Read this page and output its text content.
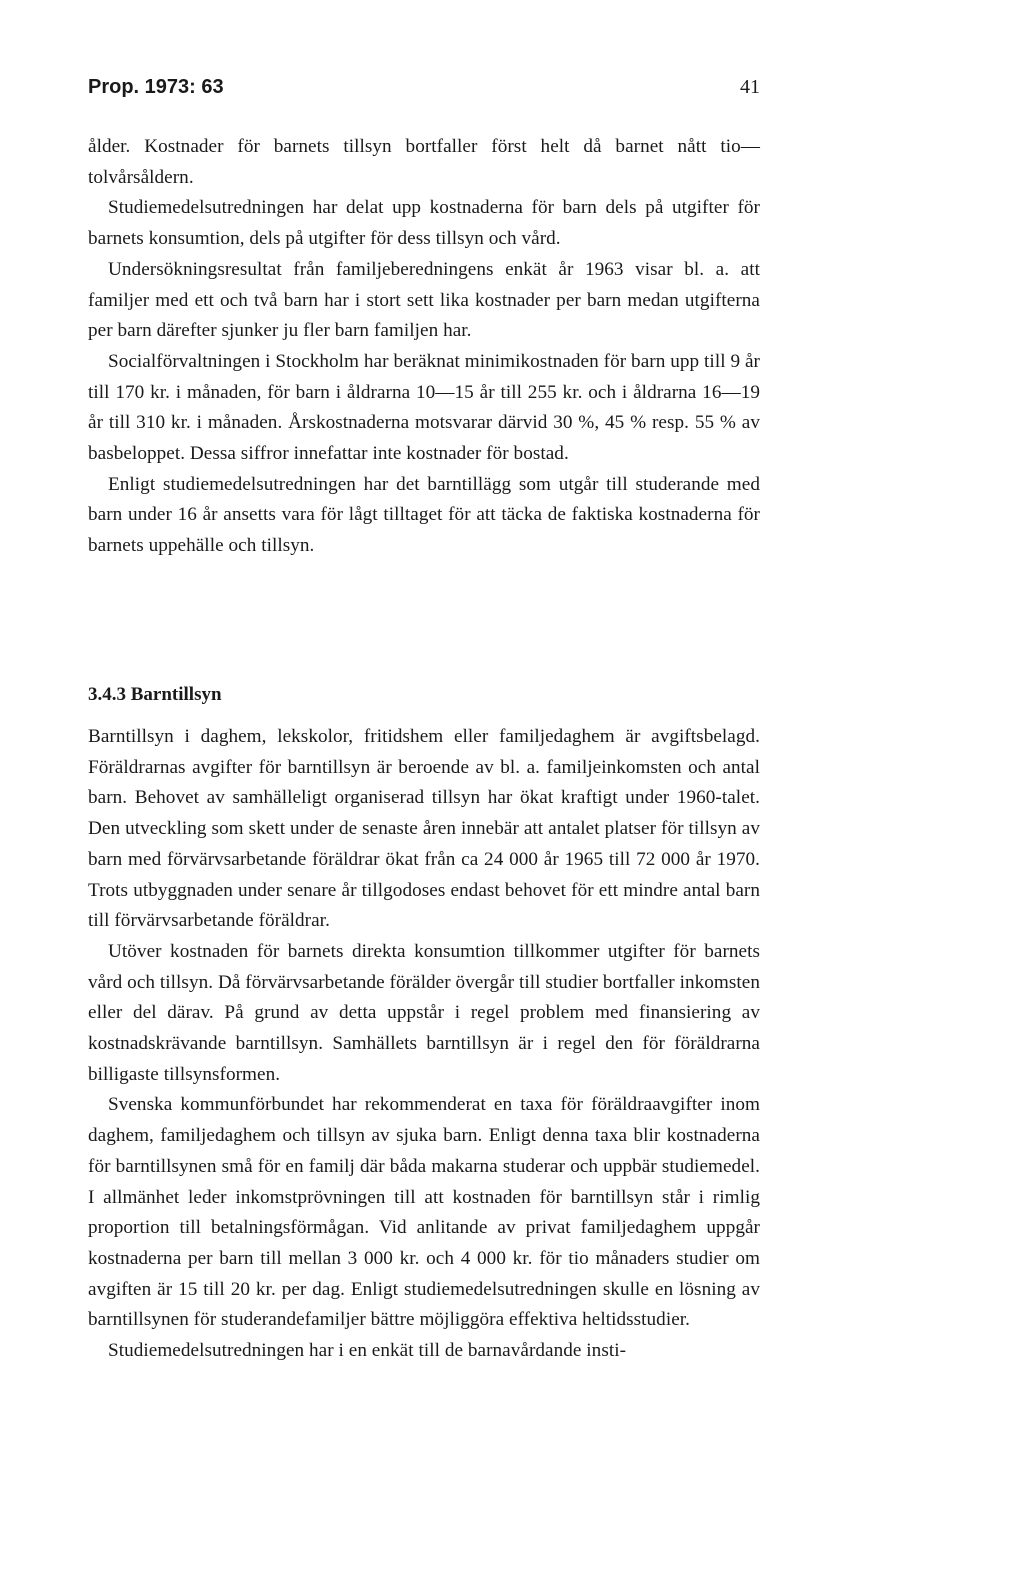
Prop. 1973: 63	41

ålder. Kostnader för barnets tillsyn bortfaller först helt då barnet nått tio—tolvårsåldern.

Studiemedelsutredningen har delat upp kostnaderna för barn dels på utgifter för barnets konsumtion, dels på utgifter för dess tillsyn och vård.

Undersökningsresultat från familjeberedningens enkät år 1963 visar bl. a. att familjer med ett och två barn har i stort sett lika kostnader per barn medan utgifterna per barn därefter sjunker ju fler barn familjen har.

Socialförvaltningen i Stockholm har beräknat minimikostnaden för barn upp till 9 år till 170 kr. i månaden, för barn i åldrarna 10—15 år till 255 kr. och i åldrarna 16—19 år till 310 kr. i månaden. Årskostnaderna motsvarar därvid 30 %, 45 % resp. 55 % av basbeloppet. Dessa siffror innefattar inte kostnader för bostad.

Enligt studiemedelsutredningen har det barntillägg som utgår till studerande med barn under 16 år ansetts vara för lågt tilltaget för att täcka de faktiska kostnaderna för barnets uppehälle och tillsyn.

3.4.3 Barntillsyn

Barntillsyn i daghem, lekskolor, fritidshem eller familjedaghem är avgiftsbelagd. Föräldrarnas avgifter för barntillsyn är beroende av bl. a. familjeinkomsten och antal barn. Behovet av samhälleligt organiserad tillsyn har ökat kraftigt under 1960-talet. Den utveckling som skett under de senaste åren innebär att antalet platser för tillsyn av barn med förvärvsarbetande föräldrar ökat från ca 24 000 år 1965 till 72 000 år 1970. Trots utbyggnaden under senare år tillgodoses endast behovet för ett mindre antal barn till förvärvsarbetande föräldrar.

Utöver kostnaden för barnets direkta konsumtion tillkommer utgifter för barnets vård och tillsyn. Då förvärvsarbetande förälder övergår till studier bortfaller inkomsten eller del därav. På grund av detta uppstår i regel problem med finansiering av kostnadskrävande barntillsyn. Samhällets barntillsyn är i regel den för föräldrarna billigaste tillsynsformen.

Svenska kommunförbundet har rekommenderat en taxa för föräldraavgifter inom daghem, familjedaghem och tillsyn av sjuka barn. Enligt denna taxa blir kostnaderna för barntillsynen små för en familj där båda makarna studerar och uppbär studiemedel. I allmänhet leder inkomstprövningen till att kostnaden för barntillsyn står i rimlig proportion till betalningsförmågan. Vid anlitande av privat familjedaghem uppgår kostnaderna per barn till mellan 3 000 kr. och 4 000 kr. för tio månaders studier om avgiften är 15 till 20 kr. per dag. Enligt studiemedelsutredningen skulle en lösning av barntillsynen för studerandefamiljer bättre möjliggöra effektiva heltidsstudier.

Studiemedelsutredningen har i en enkät till de barnavårdande insti-
